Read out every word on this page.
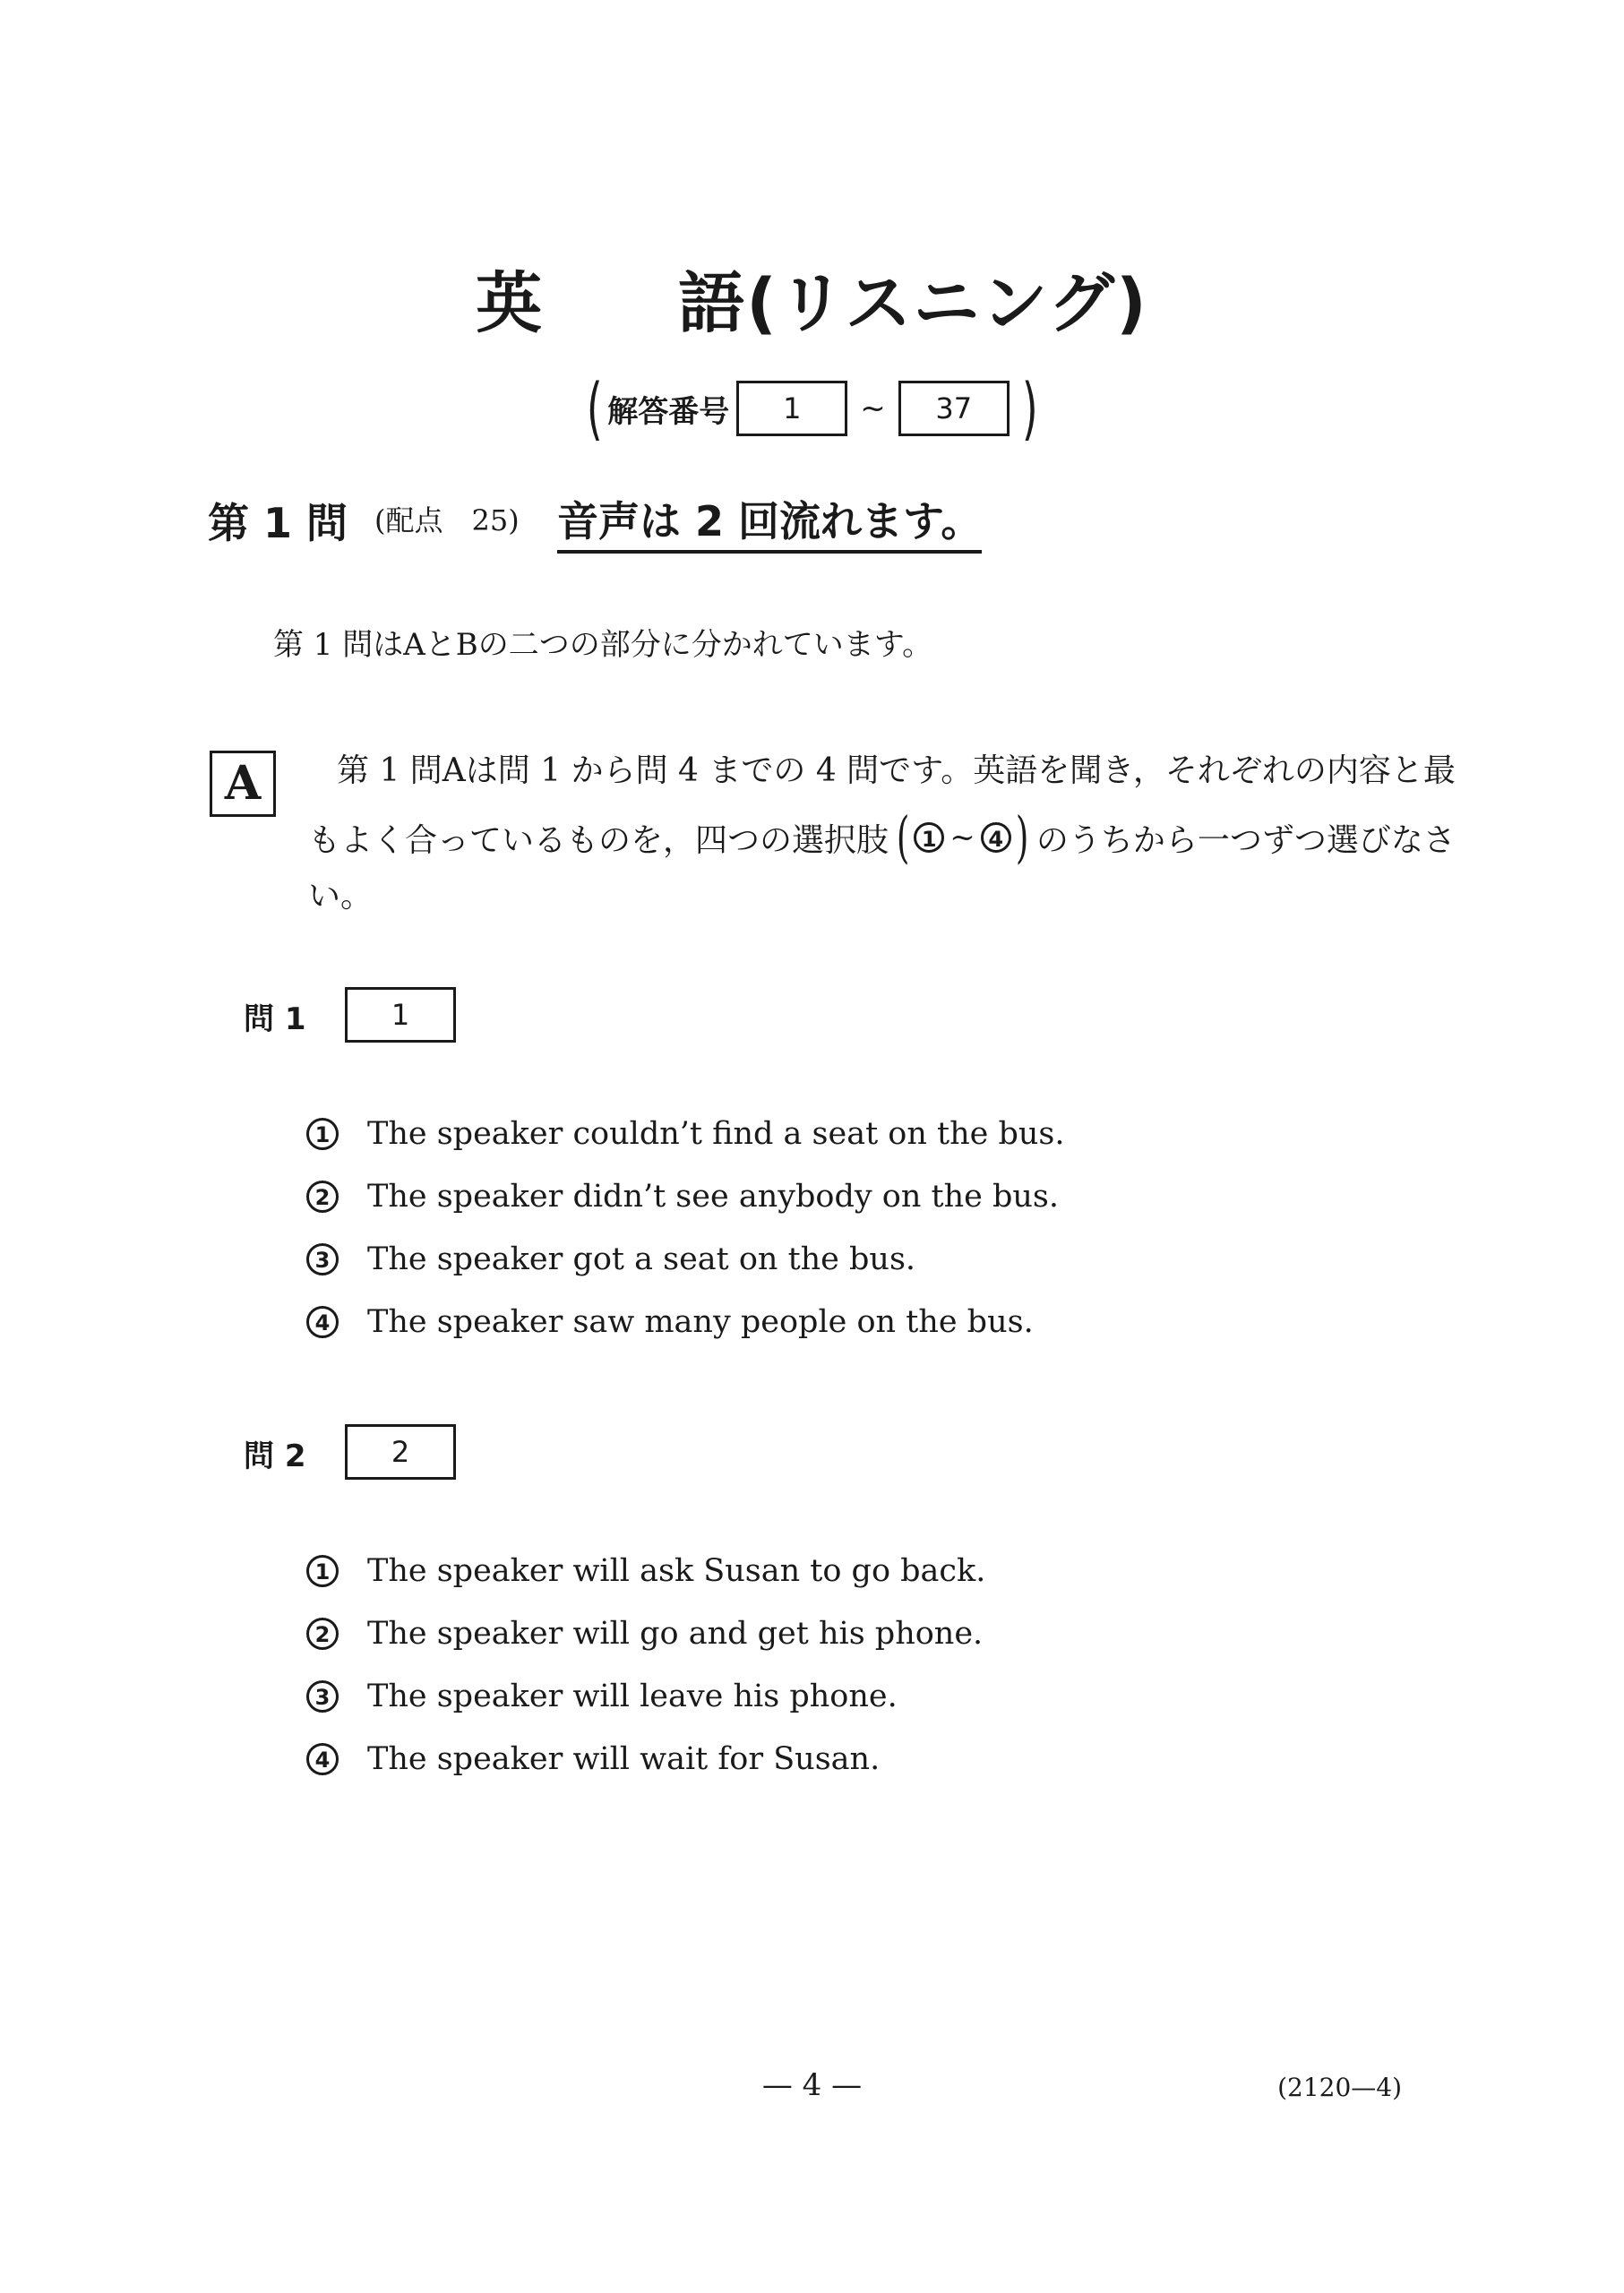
英 語(リスニング)
( 解答番号	1	~	37 )
第 1 問 (配点　25) 音声は 2 回流れます。
第 1 問はAとBの二つの部分に分かれています。
A	第 1 問Aは問 1 から問 4 までの 4 問です。英語を聞き，それぞれの内容と最
もよく合っているものを，四つの選択肢 ( 1 ~ 4 ) のうちから一つずつ選びなさ
い。
問 1	1
1 The speaker couldn’t find a seat on the bus.
2 The speaker didn’t see anybody on the bus.
3 The speaker got a seat on the bus.
4 The speaker saw many people on the bus.
問 2	2
1 The speaker will ask Susan to go back.
2 The speaker will go and get his phone.
3 The speaker will leave his phone.
4 The speaker will wait for Susan.
— 4 —	(2120—4)
